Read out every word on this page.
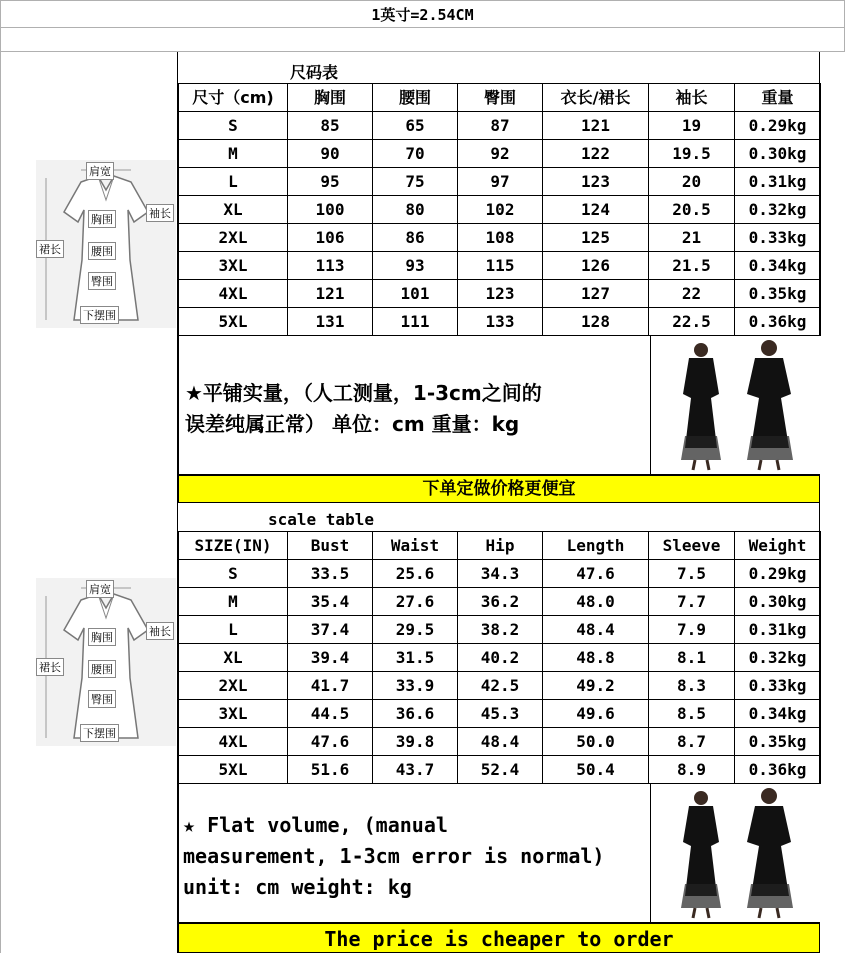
1英寸=2.54CM
肩宽
袖长
裙长
胸围
腰围
臀围
下摆围
肩宽
袖长
裙长
胸围
腰围
臀围
下摆围
尺码表
尺寸（cm)	胸围	腰围	臀围	衣长/裙长	袖长	重量
S	85	65	87	121	19	0.29kg
M	90	70	92	122	19.5	0.30kg
L	95	75	97	123	20	0.31kg
XL	100	80	102	124	20.5	0.32kg
2XL	106	86	108	125	21	0.33kg
3XL	113	93	115	126	21.5	0.34kg
4XL	121	101	123	127	22	0.35kg
5XL	131	111	133	128	22.5	0.36kg
★平铺实量，（人工测量，1-3cm之间的
误差纯属正常） 单位：cm 重量：kg
下单定做价格更便宜
scale table
SIZE(IN)	Bust	Waist	Hip	Length	Sleeve	Weight
S	33.5	25.6	34.3	47.6	7.5	0.29kg
M	35.4	27.6	36.2	48.0	7.7	0.30kg
L	37.4	29.5	38.2	48.4	7.9	0.31kg
XL	39.4	31.5	40.2	48.8	8.1	0.32kg
2XL	41.7	33.9	42.5	49.2	8.3	0.33kg
3XL	44.5	36.6	45.3	49.6	8.5	0.34kg
4XL	47.6	39.8	48.4	50.0	8.7	0.35kg
5XL	51.6	43.7	52.4	50.4	8.9	0.36kg
★ Flat volume, (manual
measurement, 1-3cm error is normal)
unit: cm weight: kg
The price is cheaper to order
